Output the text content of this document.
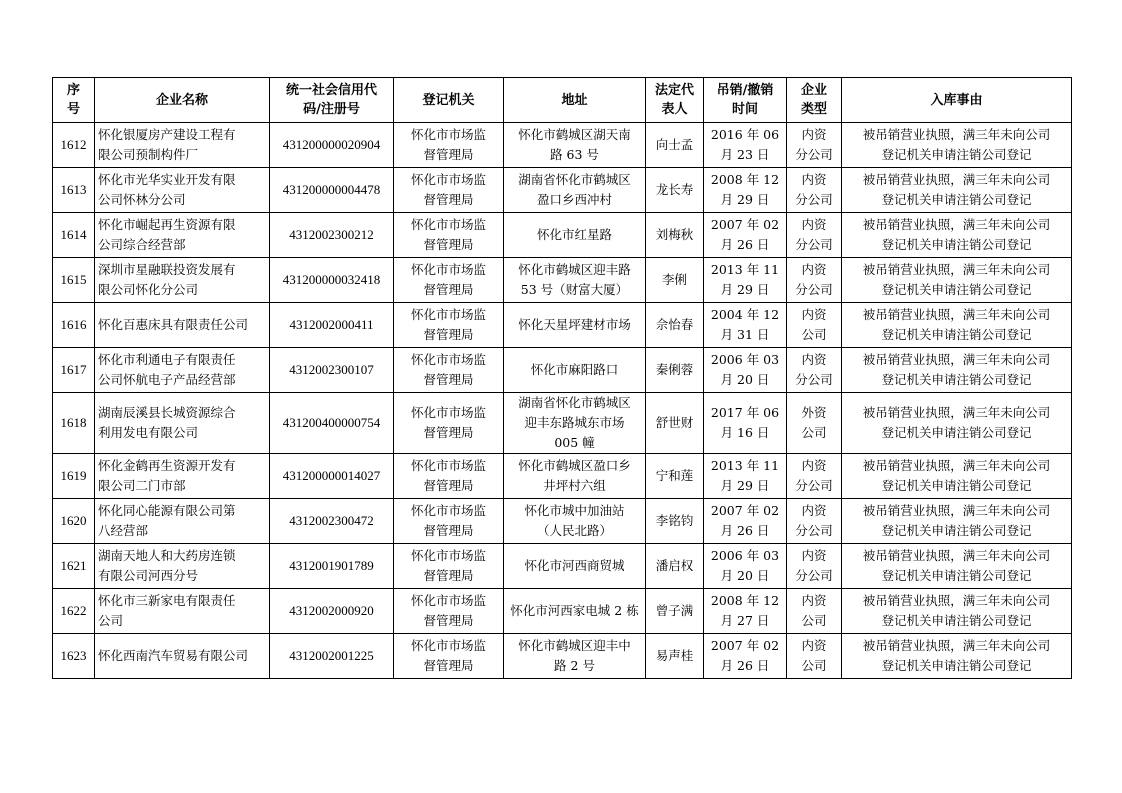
序
号	企业名称	统一社会信用代
码/注册号	登记机关	地址	法定代
表人	吊销/撤销
时间	企业
类型	入库事由

1612	怀化银厦房产建设工程有
限公司预制构件厂	431200000020904	怀化市市场监
督管理局	怀化市鹤城区湖天南
路 63 号	向士孟	2016 年 06
月 23 日	内资
分公司	被吊销营业执照，满三年未向公司
登记机关申请注销公司登记

1613	怀化市光华实业开发有限
公司怀林分公司	431200000004478	怀化市市场监
督管理局	湖南省怀化市鹤城区
盈口乡西冲村	龙长寿	2008 年 12
月 29 日	内资
分公司	被吊销营业执照，满三年未向公司
登记机关申请注销公司登记

1614	怀化市崛起再生资源有限
公司综合经营部	4312002300212	怀化市市场监
督管理局	怀化市红星路	刘梅秋	2007 年 02
月 26 日	内资
分公司	被吊销营业执照，满三年未向公司
登记机关申请注销公司登记

1615	深圳市星融联投资发展有
限公司怀化分公司	431200000032418	怀化市市场监
督管理局	怀化市鹤城区迎丰路
53 号（财富大厦）	李俐	2013 年 11
月 29 日	内资
分公司	被吊销营业执照，满三年未向公司
登记机关申请注销公司登记

1616	怀化百惠床具有限责任公司	4312002000411	怀化市市场监
督管理局	怀化天星坪建材市场	佘怡春	2004 年 12
月 31 日	内资
公司	被吊销营业执照，满三年未向公司
登记机关申请注销公司登记

1617	怀化市利通电子有限责任
公司怀航电子产品经营部	4312002300107	怀化市市场监
督管理局	怀化市麻阳路口	秦俐蓉	2006 年 03
月 20 日	内资
分公司	被吊销营业执照，满三年未向公司
登记机关申请注销公司登记

1618	湖南辰溪县长城资源综合
利用发电有限公司	431200400000754	怀化市市场监
督管理局	湖南省怀化市鹤城区
迎丰东路城东市场
005 幢	舒世财	2017 年 06
月 16 日	外资
公司	被吊销营业执照，满三年未向公司
登记机关申请注销公司登记

1619	怀化金鹤再生资源开发有
限公司二门市部	431200000014027	怀化市市场监
督管理局	怀化市鹤城区盈口乡
井坪村六组	宁和莲	2013 年 11
月 29 日	内资
分公司	被吊销营业执照，满三年未向公司
登记机关申请注销公司登记

1620	怀化同心能源有限公司第
八经营部	4312002300472	怀化市市场监
督管理局	怀化市城中加油站
（人民北路）	李铭钧	2007 年 02
月 26 日	内资
分公司	被吊销营业执照，满三年未向公司
登记机关申请注销公司登记

1621	湖南天地人和大药房连锁
有限公司河西分号	4312001901789	怀化市市场监
督管理局	怀化市河西商贸城	潘启权	2006 年 03
月 20 日	内资
分公司	被吊销营业执照，满三年未向公司
登记机关申请注销公司登记

1622	怀化市三新家电有限责任
公司	4312002000920	怀化市市场监
督管理局	怀化市河西家电城 2 栋	曾子满	2008 年 12
月 27 日	内资
公司	被吊销营业执照，满三年未向公司
登记机关申请注销公司登记

1623	怀化西南汽车贸易有限公司	4312002001225	怀化市市场监
督管理局	怀化市鹤城区迎丰中
路 2 号	易声桂	2007 年 02
月 26 日	内资
公司	被吊销营业执照，满三年未向公司
登记机关申请注销公司登记
